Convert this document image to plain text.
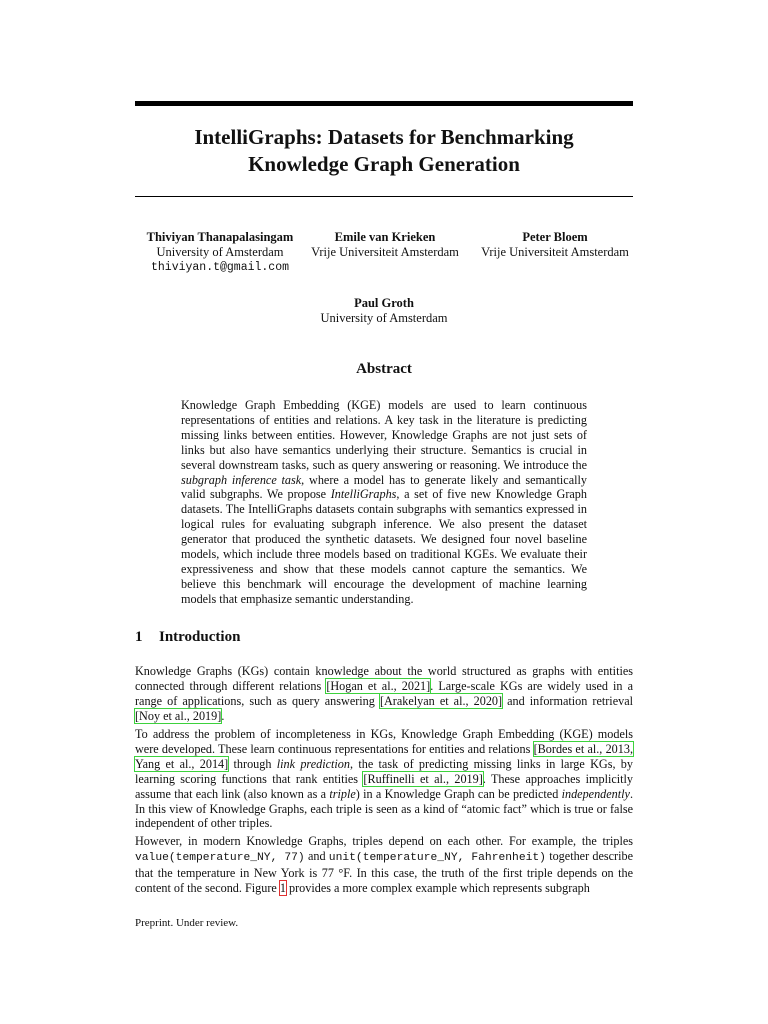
IntelliGraphs: Datasets for Benchmarking
Knowledge Graph Generation
Thiviyan Thanapalasingam
University of Amsterdam
thiviyan.t@gmail.com
Emile van Krieken
Vrije Universiteit Amsterdam
Peter Bloem
Vrije Universiteit Amsterdam
Paul Groth
University of Amsterdam
Abstract

Knowledge Graph Embedding (KGE) models are used to learn continuous representations of entities and relations. A key task in the literature is predicting missing links between entities. However, Knowledge Graphs are not just sets of links but also have semantics underlying their structure. Semantics is crucial in several downstream tasks, such as query answering or reasoning. We introduce the subgraph inference task, where a model has to generate likely and semantically valid subgraphs. We propose IntelliGraphs, a set of five new Knowledge Graph datasets. The IntelliGraphs datasets contain subgraphs with semantics expressed in logical rules for evaluating subgraph inference. We also present the dataset generator that produced the synthetic datasets. We designed four novel baseline models, which include three models based on traditional KGEs. We evaluate their expressiveness and show that these models cannot capture the semantics. We believe this benchmark will encourage the development of machine learning models that emphasize semantic understanding.

1 Introduction

Knowledge Graphs (KGs) contain knowledge about the world structured as graphs with entities connected through different relations [Hogan et al., 2021]. Large-scale KGs are widely used in a range of applications, such as query answering [Arakelyan et al., 2020] and information retrieval [Noy et al., 2019].

To address the problem of incompleteness in KGs, Knowledge Graph Embedding (KGE) models were developed. These learn continuous representations for entities and relations [Bordes et al., 2013, Yang et al., 2014] through link prediction, the task of predicting missing links in large KGs, by learning scoring functions that rank entities [Ruffinelli et al., 2019]. These approaches implicitly assume that each link (also known as a triple) in a Knowledge Graph can be predicted independently. In this view of Knowledge Graphs, each triple is seen as a kind of “atomic fact” which is true or false independent of other triples.

However, in modern Knowledge Graphs, triples depend on each other. For example, the triples value(temperature_NY, 77) and unit(temperature_NY, Fahrenheit) together describe that the temperature in New York is 77 °F. In this case, the truth of the first triple depends on the content of the second. Figure 1 provides a more complex example which represents subgraph

Preprint. Under review.
